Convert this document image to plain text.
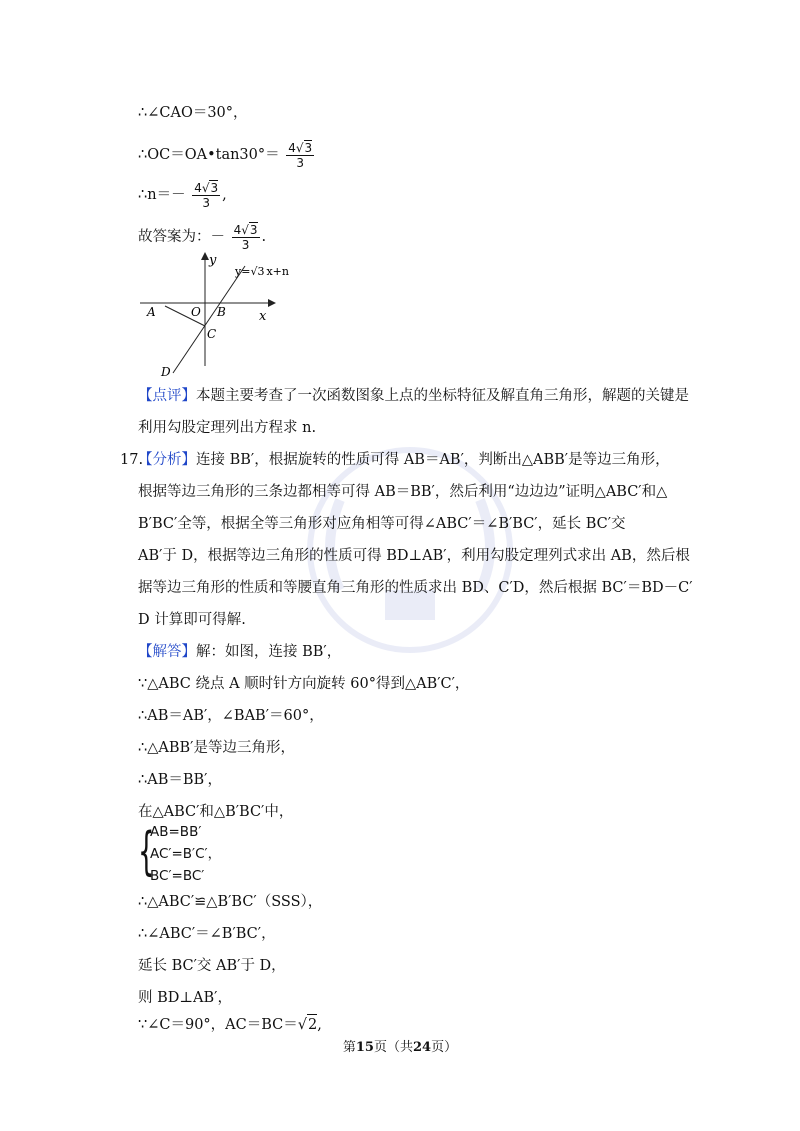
∴∠CAO＝30°，
∴OC＝OA•tan30°＝ $\frac{4√3}{3}$
∴n＝－ $\frac{4√3}{3}$ ,
故答案为：－ $\frac{4√3}{3}$ .
y
x
A	O B
C
D
y=√3 x+n
【点评】本题主要考查了一次函数图象上点的坐标特征及解直角三角形，解题的关键是
利用勾股定理列出方程求 n.
17.
【分析】连接 BB′，根据旋转的性质可得 AB＝AB′，判断出△ABB′是等边三角形，
根据等边三角形的三条边都相等可得 AB＝BB′，然后利用“边边边”证明△ABC′和△
B′BC′全等，根据全等三角形对应角相等可得∠ABC′＝∠B′BC′，延长 BC′交
AB′于 D，根据等边三角形的性质可得 BD⊥AB′，利用勾股定理列式求出 AB，然后根
据等边三角形的性质和等腰直角三角形的性质求出 BD、C′D，然后根据 BC′＝BD－C′
D 计算即可得解.
【解答】解：如图，连接 BB′，
∵△ABC 绕点 A 顺时针方向旋转 60°得到△AB′C′，
∴AB＝AB′，∠BAB′＝60°，
∴△ABB′是等边三角形，
∴AB＝BB′，
在△ABC′和△B′BC′中，
{
AB=BB′
AC′=B′C′，
BC′=BC′
∴△ABC′≌△B′BC′（SSS），
∴∠ABC′＝∠B′BC′，
延长 BC′交 AB′于 D，
则 BD⊥AB′，
∵∠C＝90°，AC＝BC＝√2,
第15页（共24页）
